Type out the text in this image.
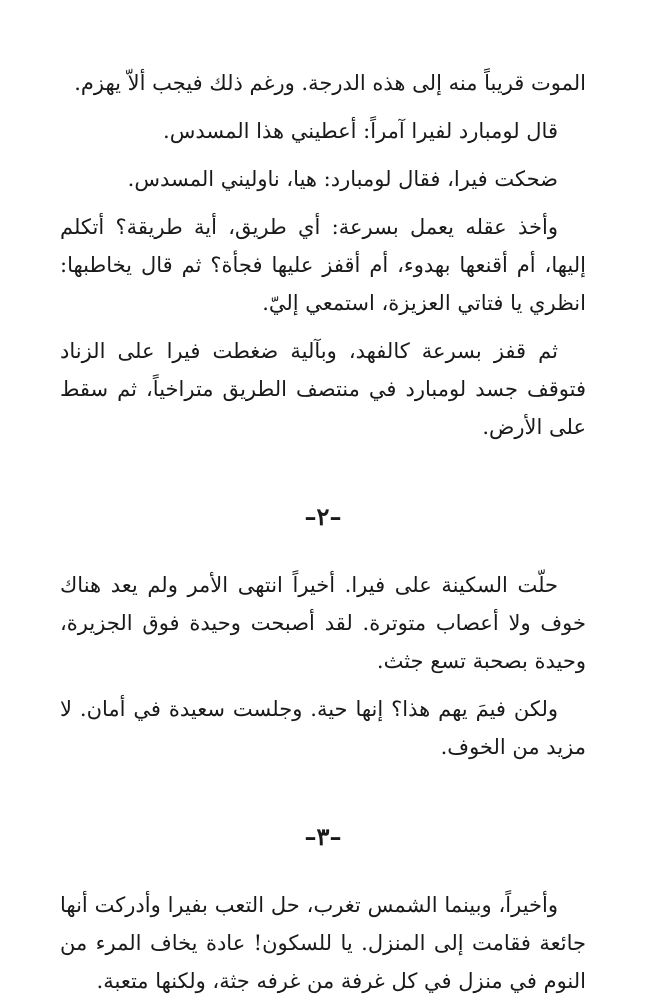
الموت قريباً منه إلى هذه الدرجة. ورغم ذلك فيجب ألاّ يهزم.

قال لومبارد لفيرا آمراً: أعطيني هذا المسدس.

ضحكت فيرا، فقال لومبارد: هيا، ناوليني المسدس.

وأخذ عقله يعمل بسرعة: أي طريق، أية طريقة؟ أتكلم إليها، أم أقنعها بهدوء، أم أقفز عليها فجأة؟ ثم قال يخاطبها: انظري يا فتاتي العزيزة، استمعي إليّ.

ثم قفز بسرعة كالفهد، وبآلية ضغطت فيرا على الزناد فتوقف جسد لومبارد في منتصف الطريق متراخياً، ثم سقط على الأرض.

–٢–

حلّت السكينة على فيرا. أخيراً انتهى الأمر ولم يعد هناك خوف ولا أعصاب متوترة. لقد أصبحت وحيدة فوق الجزيرة، وحيدة بصحبة تسع جثث.

ولكن فيمَ يهم هذا؟ إنها حية. وجلست سعيدة في أمان. لا مزيد من الخوف.

–٣–

وأخيراً، وبينما الشمس تغرب، حل التعب بفيرا وأدركت أنها جائعة فقامت إلى المنزل. يا للسكون! عادة يخاف المرء من النوم في منزل في كل غرفة من غرفه جثة، ولكنها متعبة.
